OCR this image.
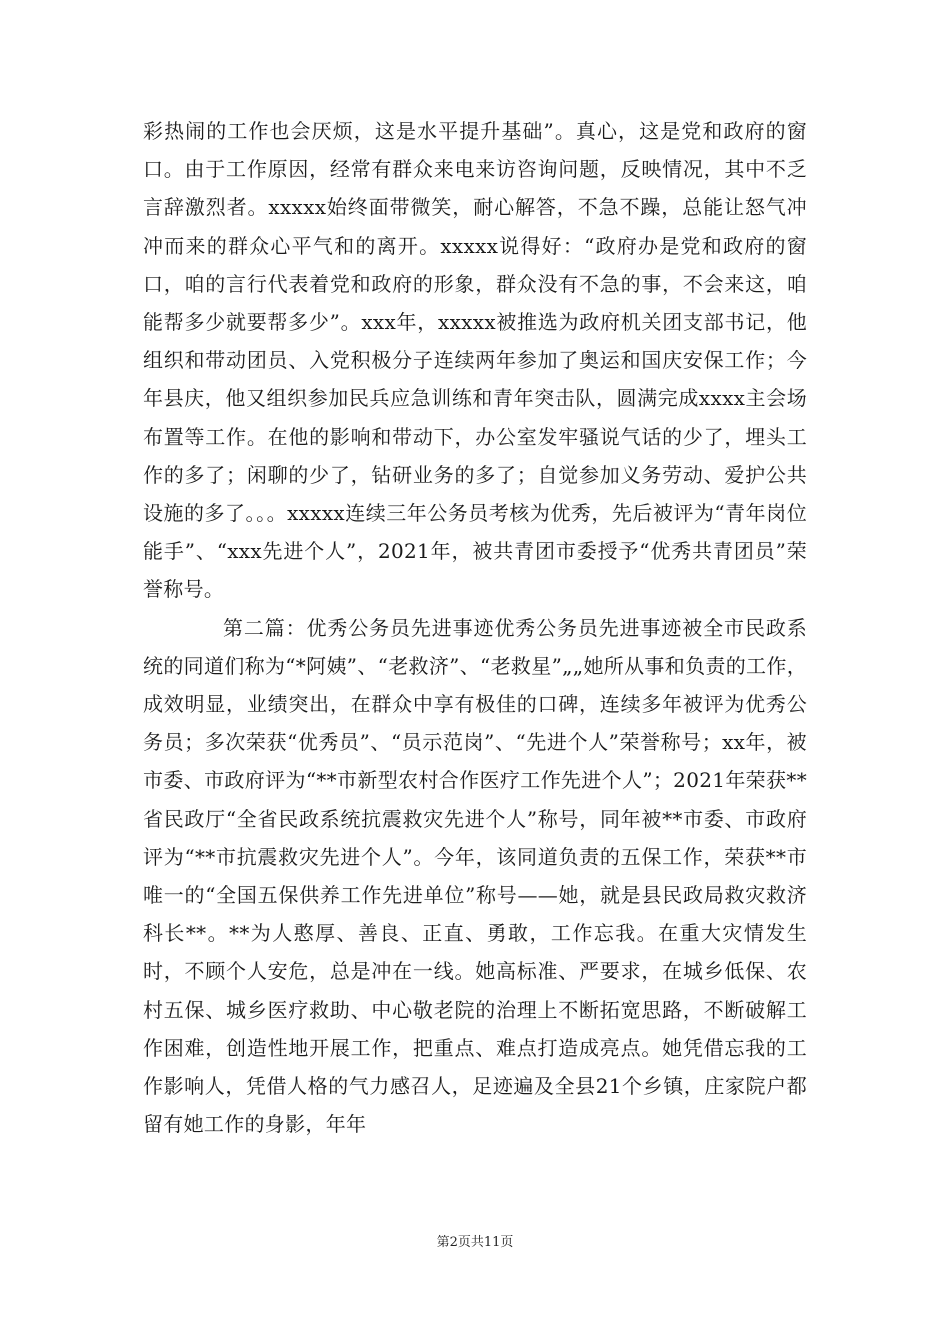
彩热闹的工作也会厌烦，这是水平提升基础”。真心，这是党和政府的窗口。由于工作原因，经常有群众来电来访咨询问题，反映情况，其中不乏言辞激烈者。xxxxx始终面带微笑，耐心解答，不急不躁，总能让怒气冲冲而来的群众心平气和的离开。xxxxx说得好：“政府办是党和政府的窗口，咱的言行代表着党和政府的形象，群众没有不急的事，不会来这，咱能帮多少就要帮多少”。xxx年，xxxxx被推选为政府机关团支部书记，他组织和带动团员、入党积极分子连续两年参加了奥运和国庆安保工作；今年县庆，他又组织参加民兵应急训练和青年突击队，圆满完成xxxx主会场布置等工作。在他的影响和带动下，办公室发牢骚说气话的少了，埋头工作的多了；闲聊的少了，钻研业务的多了；自觉参加义务劳动、爱护公共设施的多了。。。xxxxx连续三年公务员考核为优秀，先后被评为“青年岗位能手”、“xxx先进个人”，2021年，被共青团市委授予“优秀共青团员”荣誉称号。

第二篇：优秀公务员先进事迹优秀公务员先进事迹被全市民政系统的同道们称为“*阿姨”、“老救济”、“老救星”„„她所从事和负责的工作，成效明显，业绩突出，在群众中享有极佳的口碑，连续多年被评为优秀公务员；多次荣获“优秀员”、“员示范岗”、“先进个人”荣誉称号；xx年，被市委、市政府评为“**市新型农村合作医疗工作先进个人”；2021年荣获**省民政厅“全省民政系统抗震救灾先进个人”称号，同年被**市委、市政府评为“**市抗震救灾先进个人”。今年，该同道负责的五保工作，荣获**市唯一的“全国五保供养工作先进单位”称号——她，就是县民政局救灾救济科长**。**为人憨厚、善良、正直、勇敢，工作忘我。在重大灾情发生时，不顾个人安危，总是冲在一线。她高标准、严要求，在城乡低保、农村五保、城乡医疗救助、中心敬老院的治理上不断拓宽思路，不断破解工作困难，创造性地开展工作，把重点、难点打造成亮点。她凭借忘我的工作影响人，凭借人格的气力感召人，足迹遍及全县21个乡镇，庄家院户都留有她工作的身影，年年

第2页共11页
